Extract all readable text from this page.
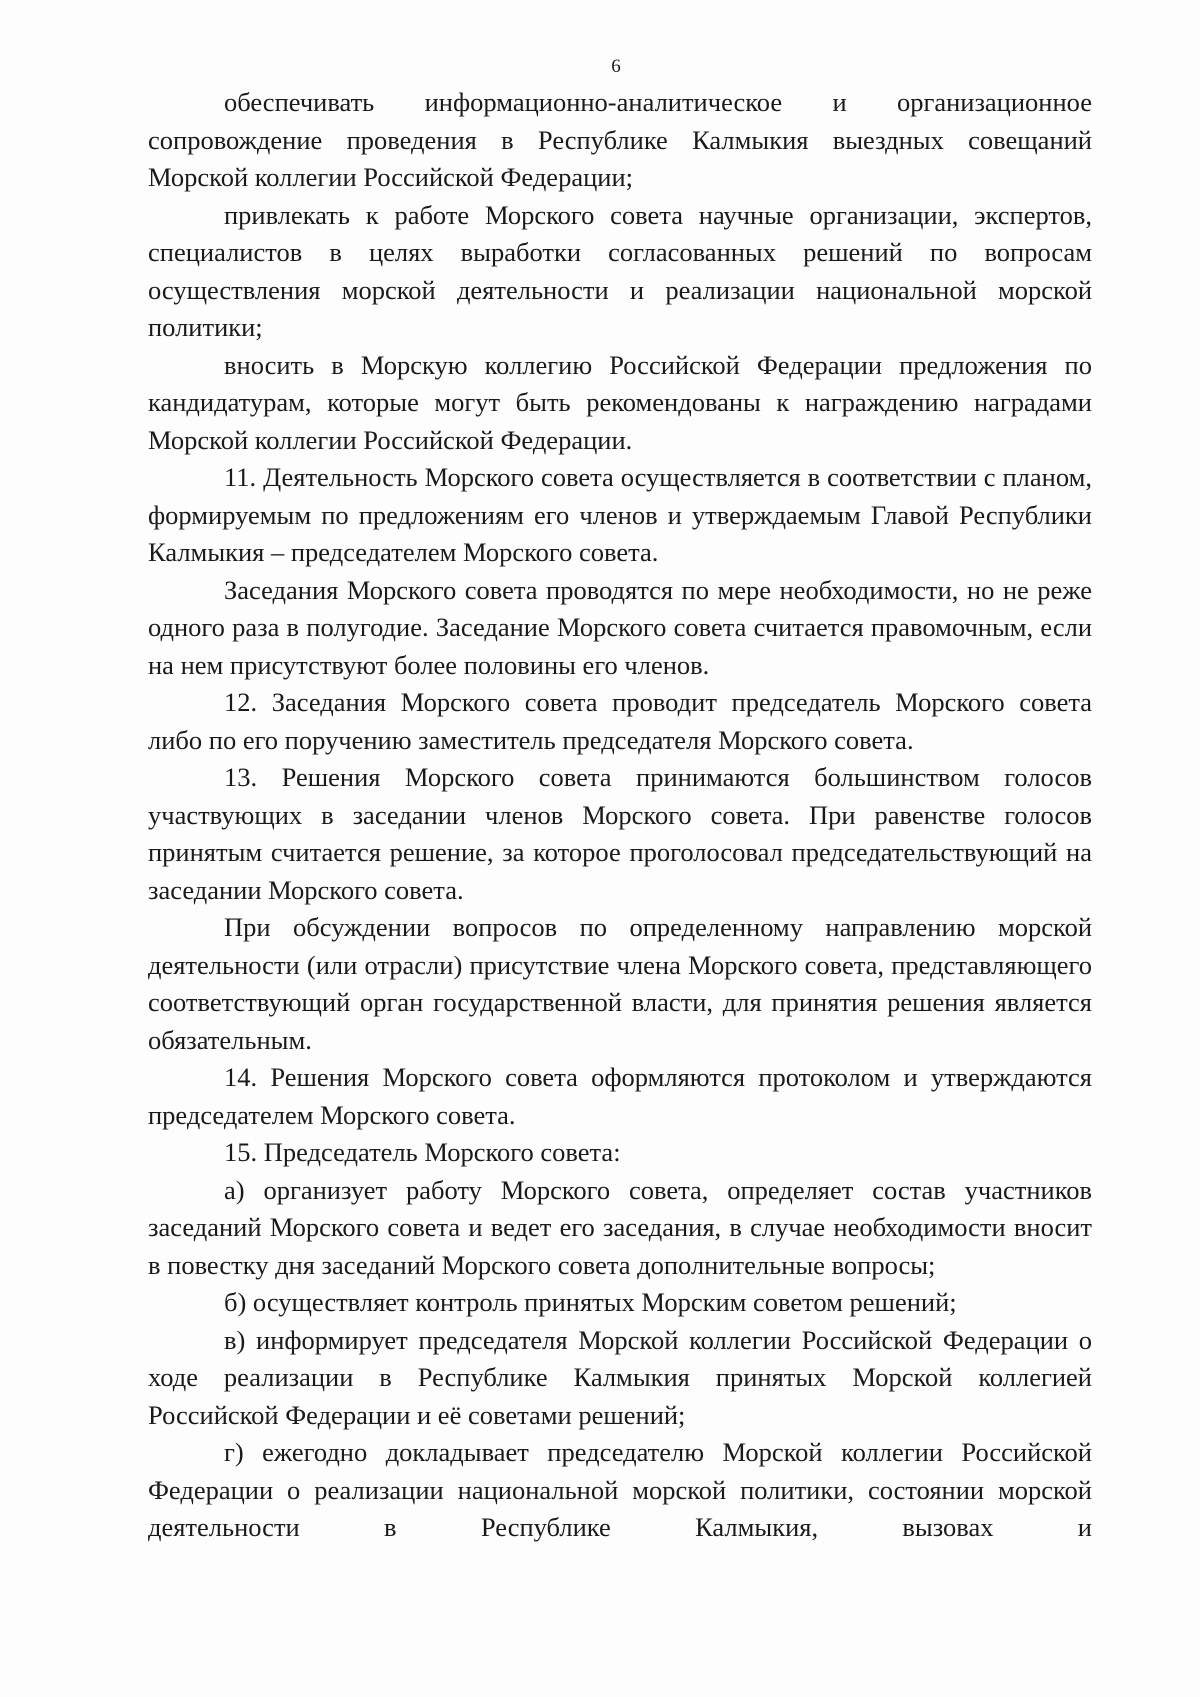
6

обеспечивать информационно-аналитическое и организационное сопровождение проведения в Республике Калмыкия выездных совещаний Морской коллегии Российской Федерации;

привлекать к работе Морского совета научные организации, экспертов, специалистов в целях выработки согласованных решений по вопросам осуществления морской деятельности и реализации национальной морской политики;

вносить в Морскую коллегию Российской Федерации предложения по кандидатурам, которые могут быть рекомендованы к награждению наградами Морской коллегии Российской Федерации.

11. Деятельность Морского совета осуществляется в соответствии с планом, формируемым по предложениям его членов и утверждаемым Главой Республики Калмыкия – председателем Морского совета.

Заседания Морского совета проводятся по мере необходимости, но не реже одного раза в полугодие. Заседание Морского совета считается правомочным, если на нем присутствуют более половины его членов.

12. Заседания Морского совета проводит председатель Морского совета либо по его поручению заместитель председателя Морского совета.

13. Решения Морского совета принимаются большинством голосов участвующих в заседании членов Морского совета. При равенстве голосов принятым считается решение, за которое проголосовал председательствующий на заседании Морского совета.

При обсуждении вопросов по определенному направлению морской деятельности (или отрасли) присутствие члена Морского совета, представляющего соответствующий орган государственной власти, для принятия решения является обязательным.

14. Решения Морского совета оформляются протоколом и утверждаются председателем Морского совета.

15. Председатель Морского совета:

а) организует работу Морского совета, определяет состав участников заседаний Морского совета и ведет его заседания, в случае необходимости вносит в повестку дня заседаний Морского совета дополнительные вопросы;

б) осуществляет контроль принятых Морским советом решений;

в) информирует председателя Морской коллегии Российской Федерации о ходе реализации в Республике Калмыкия принятых Морской коллегией Российской Федерации и её советами решений;

г) ежегодно докладывает председателю Морской коллегии Российской Федерации о реализации национальной морской политики, состоянии морской деятельности в Республике Калмыкия, вызовах и
